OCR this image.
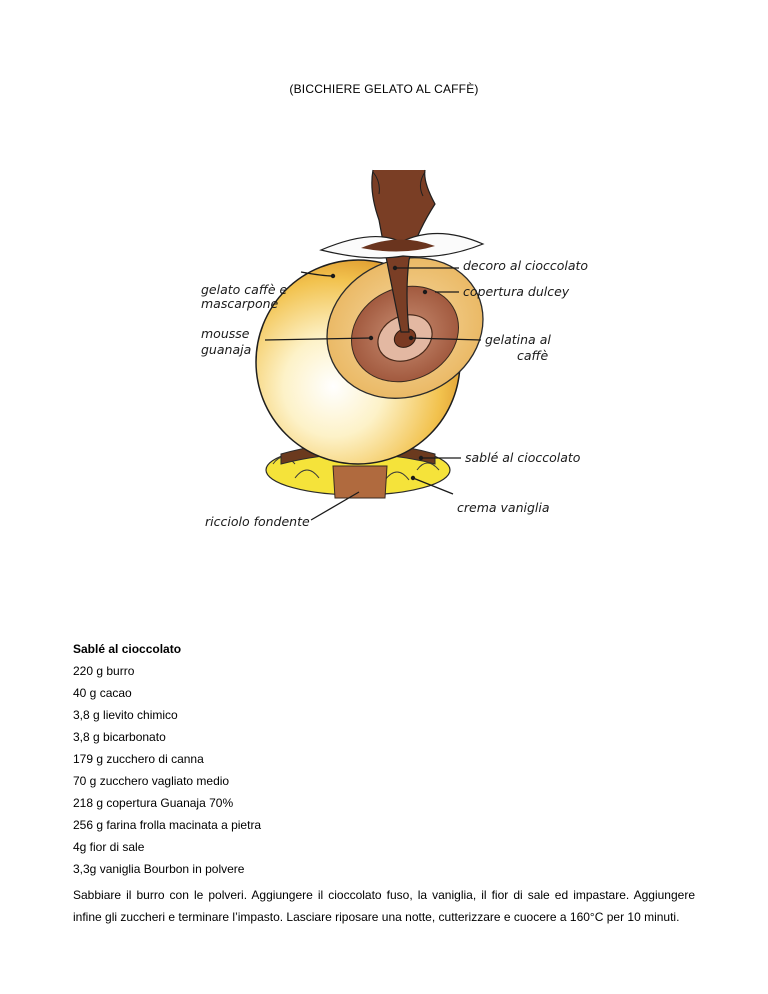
(BICCHIERE GELATO AL CAFFÈ)
decoro al cioccolato
copertura dulcey
gelato caffè e
mascarpone
mousse
guanaja
gelatina al
caffè
sablé al cioccolato
crema vaniglia
ricciolo fondente
Sablé al cioccolato
220 g burro
40 g cacao
3,8 g lievito chimico
3,8 g bicarbonato
179 g zucchero di canna
70 g zucchero vagliato medio
218 g copertura Guanaja 70%
256 g farina frolla macinata a pietra
4g fior di sale
3,3g vaniglia Bourbon in polvere

Sabbiare il burro con le polveri. Aggiungere il cioccolato fuso, la vaniglia, il fior di sale ed impastare. Aggiungere infine gli zuccheri e terminare l’impasto. Lasciare riposare una notte, cutterizzare e cuocere a 160°C per 10 minuti.
